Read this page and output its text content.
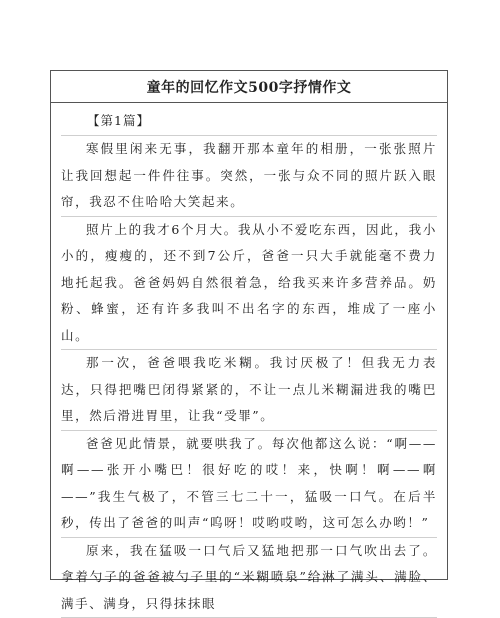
童年的回忆作文500字抒情作文
【第1篇】

寒假里闲来无事，我翻开那本童年的相册，一张张照片让我回想起一件件往事。突然，一张与众不同的照片跃入眼帘，我忍不住哈哈大笑起来。

照片上的我才6个月大。我从小不爱吃东西，因此，我小小的，瘦瘦的，还不到7公斤，爸爸一只大手就能毫不费力地托起我。爸爸妈妈自然很着急，给我买来许多营养品。奶粉、蜂蜜，还有许多我叫不出名字的东西，堆成了一座小山。

那一次，爸爸喂我吃米糊。我讨厌极了！但我无力表达，只得把嘴巴闭得紧紧的，不让一点儿米糊漏进我的嘴巴里，然后滑进胃里，让我“受罪”。

爸爸见此情景，就要哄我了。每次他都这么说：“啊——啊——张开小嘴巴！很好吃的哎！来，快啊！啊——啊——”我生气极了，不管三七二十一，猛吸一口气。在后半秒，传出了爸爸的叫声“呜呀！哎哟哎哟，这可怎么办哟！”

原来，我在猛吸一口气后又猛地把那一口气吹出去了。拿着勺子的爸爸被勺子里的“米糊喷泉”给淋了满头、满脸、满手、满身，只得抹抹眼
